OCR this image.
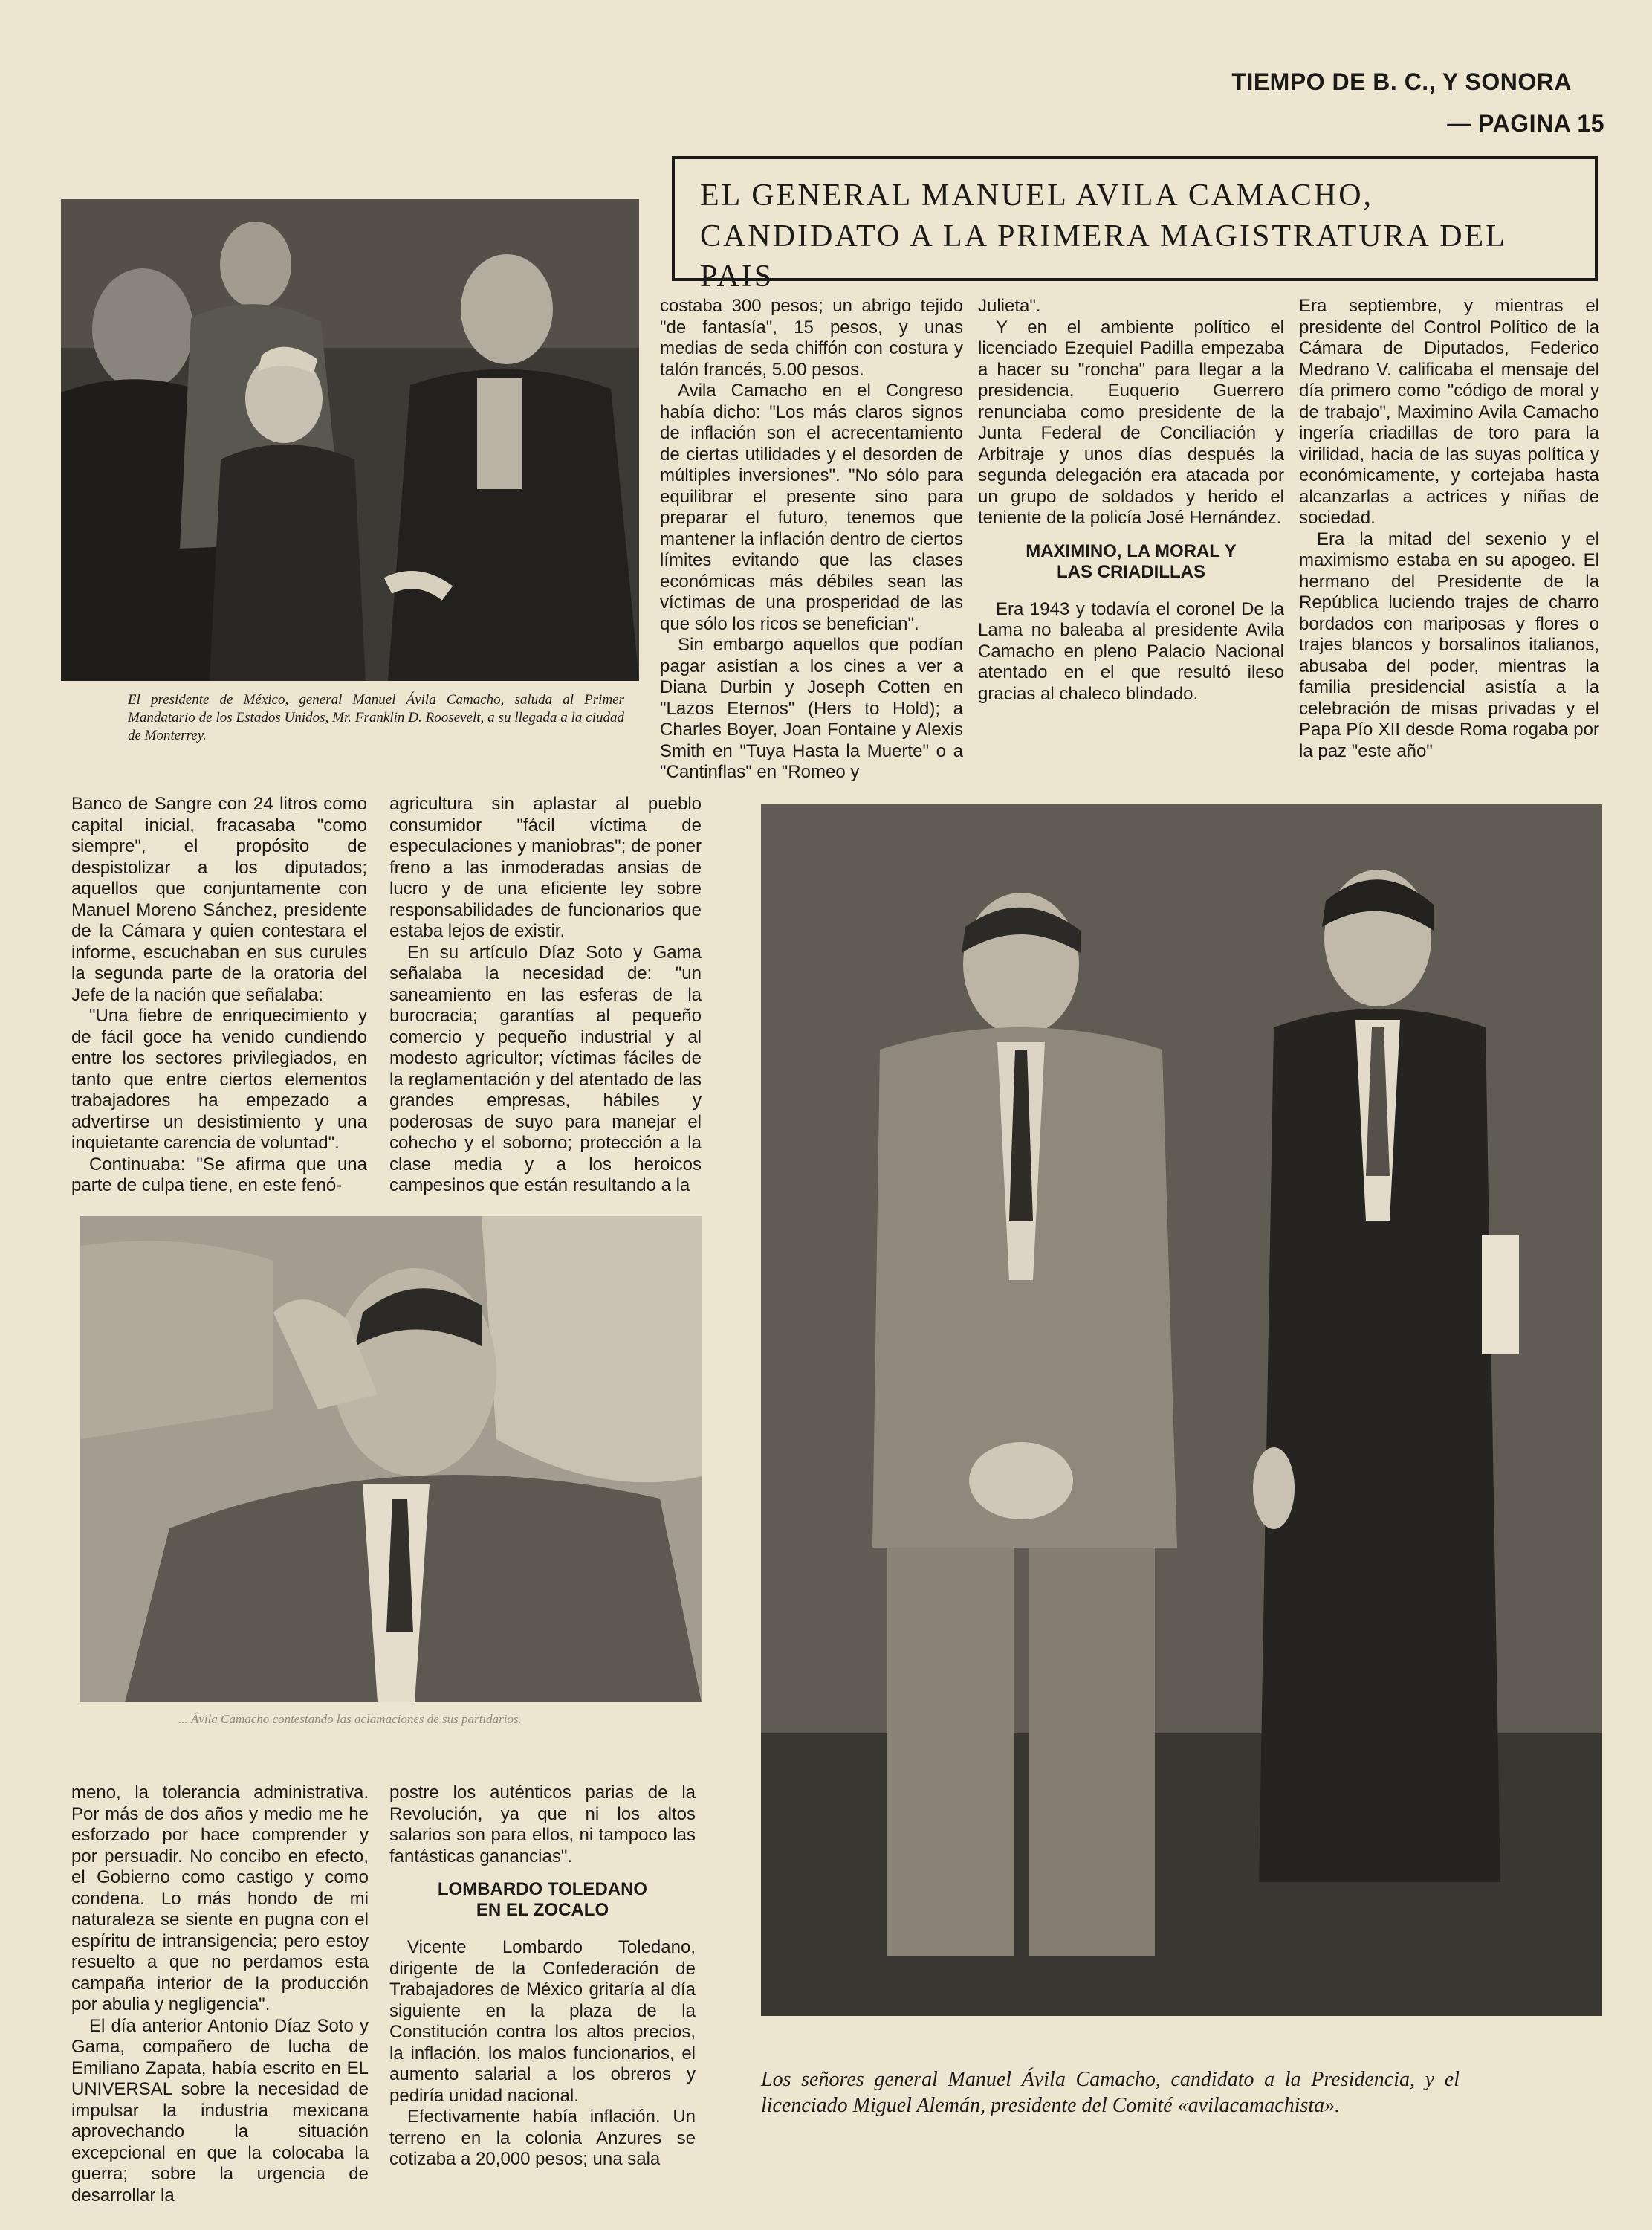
TIEMPO DE B. C., Y SONORA
— PAGINA 15
EL GENERAL MANUEL AVILA CAMACHO,
CANDIDATO A LA PRIMERA MAGISTRATURA DEL PAIS
El presidente de México, general Manuel Ávila Camacho, saluda al Primer Mandatario de los Estados Unidos, Mr. Franklin D. Roosevelt, a su llegada a la ciudad de Monterrey.

costaba 300 pesos; un abrigo tejido "de fantasía", 15 pesos, y unas medias de seda chiffón con costura y talón francés, 5.00 pesos.

Avila Camacho en el Congreso había dicho: "Los más claros signos de inflación son el acrecentamiento de ciertas utilidades y el desorden de múltiples inversiones". "No sólo para equilibrar el presente sino para preparar el futuro, tenemos que mantener la inflación dentro de ciertos límites evitando que las clases económicas más débiles sean las víctimas de una prosperidad de las que sólo los ricos se benefician".

Sin embargo aquellos que podían pagar asistían a los cines a ver a Diana Durbin y Joseph Cotten en "Lazos Eternos" (Hers to Hold); a Charles Boyer, Joan Fontaine y Alexis Smith en "Tuya Hasta la Muerte" o a "Cantinflas" en "Romeo y

Julieta".

Y en el ambiente político el licenciado Ezequiel Padilla empezaba a hacer su "roncha" para llegar a la presidencia, Euquerio Guerrero renunciaba como presidente de la Junta Federal de Conciliación y Arbitraje y unos días después la segunda delegación era atacada por un grupo de soldados y herido el teniente de la policía José Hernández.

MAXIMINO, LA MORAL Y LAS CRIADILLAS

Era 1943 y todavía el coronel De la Lama no baleaba al presidente Avila Camacho en pleno Palacio Nacional atentado en el que resultó ileso gracias al chaleco blindado.

Era septiembre, y mientras el presidente del Control Político de la Cámara de Diputados, Federico Medrano V. calificaba el mensaje del día primero como "código de moral y de trabajo", Maximino Avila Camacho ingería criadillas de toro para la virilidad, hacia de las suyas política y económicamente, y cortejaba hasta alcanzarlas a actrices y niñas de sociedad.

Era la mitad del sexenio y el maximismo estaba en su apogeo. El hermano del Presidente de la República luciendo trajes de charro bordados con mariposas y flores o trajes blancos y borsalinos italianos, abusaba del poder, mientras la familia presidencial asistía a la celebración de misas privadas y el Papa Pío XII desde Roma rogaba por la paz "este año"

Banco de Sangre con 24 litros como capital inicial, fracasaba "como siempre", el propósito de despistolizar a los diputados; aquellos que conjuntamente con Manuel Moreno Sánchez, presidente de la Cámara y quien contestara el informe, escuchaban en sus curules la segunda parte de la oratoria del Jefe de la nación que señalaba:

"Una fiebre de enriquecimiento y de fácil goce ha venido cundiendo entre los sectores privilegiados, en tanto que entre ciertos elementos trabajadores ha empezado a advertirse un desistimiento y una inquietante carencia de voluntad".

Continuaba: "Se afirma que una parte de culpa tiene, en este fenó-

agricultura sin aplastar al pueblo consumidor "fácil víctima de especulaciones y maniobras"; de poner freno a las inmoderadas ansias de lucro y de una eficiente ley sobre responsabilidades de funcionarios que estaba lejos de existir.

En su artículo Díaz Soto y Gama señalaba la necesidad de: "un saneamiento en las esferas de la burocracia; garantías al pequeño comercio y pequeño industrial y al modesto agricultor; víctimas fáciles de la reglamentación y del atentado de las grandes empresas, hábiles y poderosas de suyo para manejar el cohecho y el soborno; protección a la clase media y a los heroicos campesinos que están resultando a la

... Ávila Camacho contestando las aclamaciones de sus partidarios.

meno, la tolerancia administrativa. Por más de dos años y medio me he esforzado por hace comprender y por persuadir. No concibo en efecto, el Gobierno como castigo y como condena. Lo más hondo de mi naturaleza se siente en pugna con el espíritu de intransigencia; pero estoy resuelto a que no perdamos esta campaña interior de la producción por abulia y negligencia".

El día anterior Antonio Díaz Soto y Gama, compañero de lucha de Emiliano Zapata, había escrito en EL UNIVERSAL sobre la necesidad de impulsar la industria mexicana aprovechando la situación excepcional en que la colocaba la guerra; sobre la urgencia de desarrollar la

postre los auténticos parias de la Revolución, ya que ni los altos salarios son para ellos, ni tampoco las fantásticas ganancias".

LOMBARDO TOLEDANO EN EL ZOCALO

Vicente Lombardo Toledano, dirigente de la Confederación de Trabajadores de México gritaría al día siguiente en la plaza de la Constitución contra los altos precios, la inflación, los malos funcionarios, el aumento salarial a los obreros y pediría unidad nacional.

Efectivamente había inflación. Un terreno en la colonia Anzures se cotizaba a 20,000 pesos; una sala

Los señores general Manuel Ávila Camacho, candidato a la Presidencia, y el licenciado Miguel Alemán, presidente del Comité «avilacamachista».
